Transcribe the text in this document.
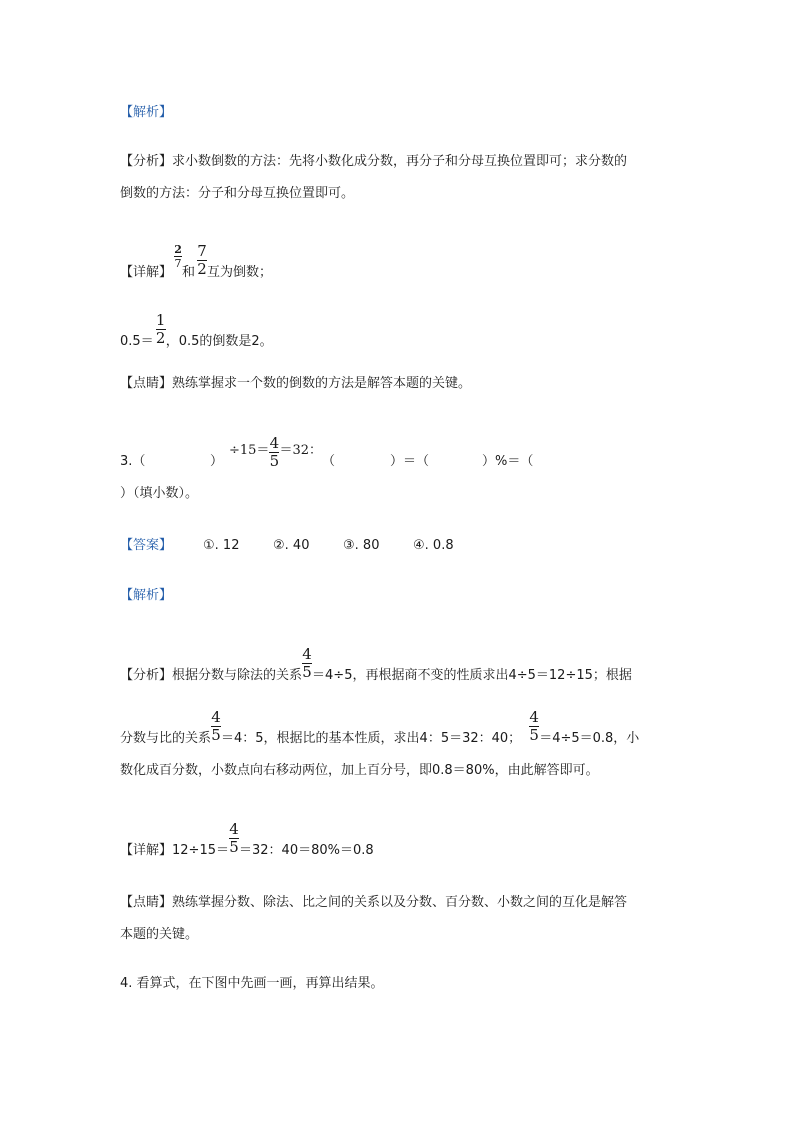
【解析】
【分析】求小数倒数的方法：先将小数化成分数，再分子和分母互换位置即可；求分数的
倒数的方法：分子和分母互换位置即可。
【详解】
$\frac{2}{7}$
和 $\frac{7}{2}$ 互为倒数；
$0.5= \frac{1}{2}$ ，0.5的倒数是2。
【点睛】熟练掌握求一个数的倒数的方法是解答本题的关键。
3.（	）
$\div 15= \frac{4}{5} =32$：
（	）＝（	）%＝（
）（填小数）。
【答案】 ①. 12	②. 40	③. 80	④. 0.8
【解析】
【分析】根据分数与除法的关系 $\frac{4}{5} =4\div 5$，再根据商不变的性质求出4÷5＝12÷15；根据
分数与比的关系 $\frac{4}{5} =4$：5，根据比的基本性质，求出4：5＝32：40； $\frac{4}{5} =4\div 5=0.8$，小
数化成百分数，小数点向右移动两位，加上百分号，即0.8＝80%，由此解答即可。
【详解】$12\div 15= \frac{4}{5} =32$：40＝80%＝0.8
【点睛】熟练掌握分数、除法、比之间的关系以及分数、百分数、小数之间的互化是解答
本题的关键。
4. 看算式，在下图中先画一画，再算出结果。
